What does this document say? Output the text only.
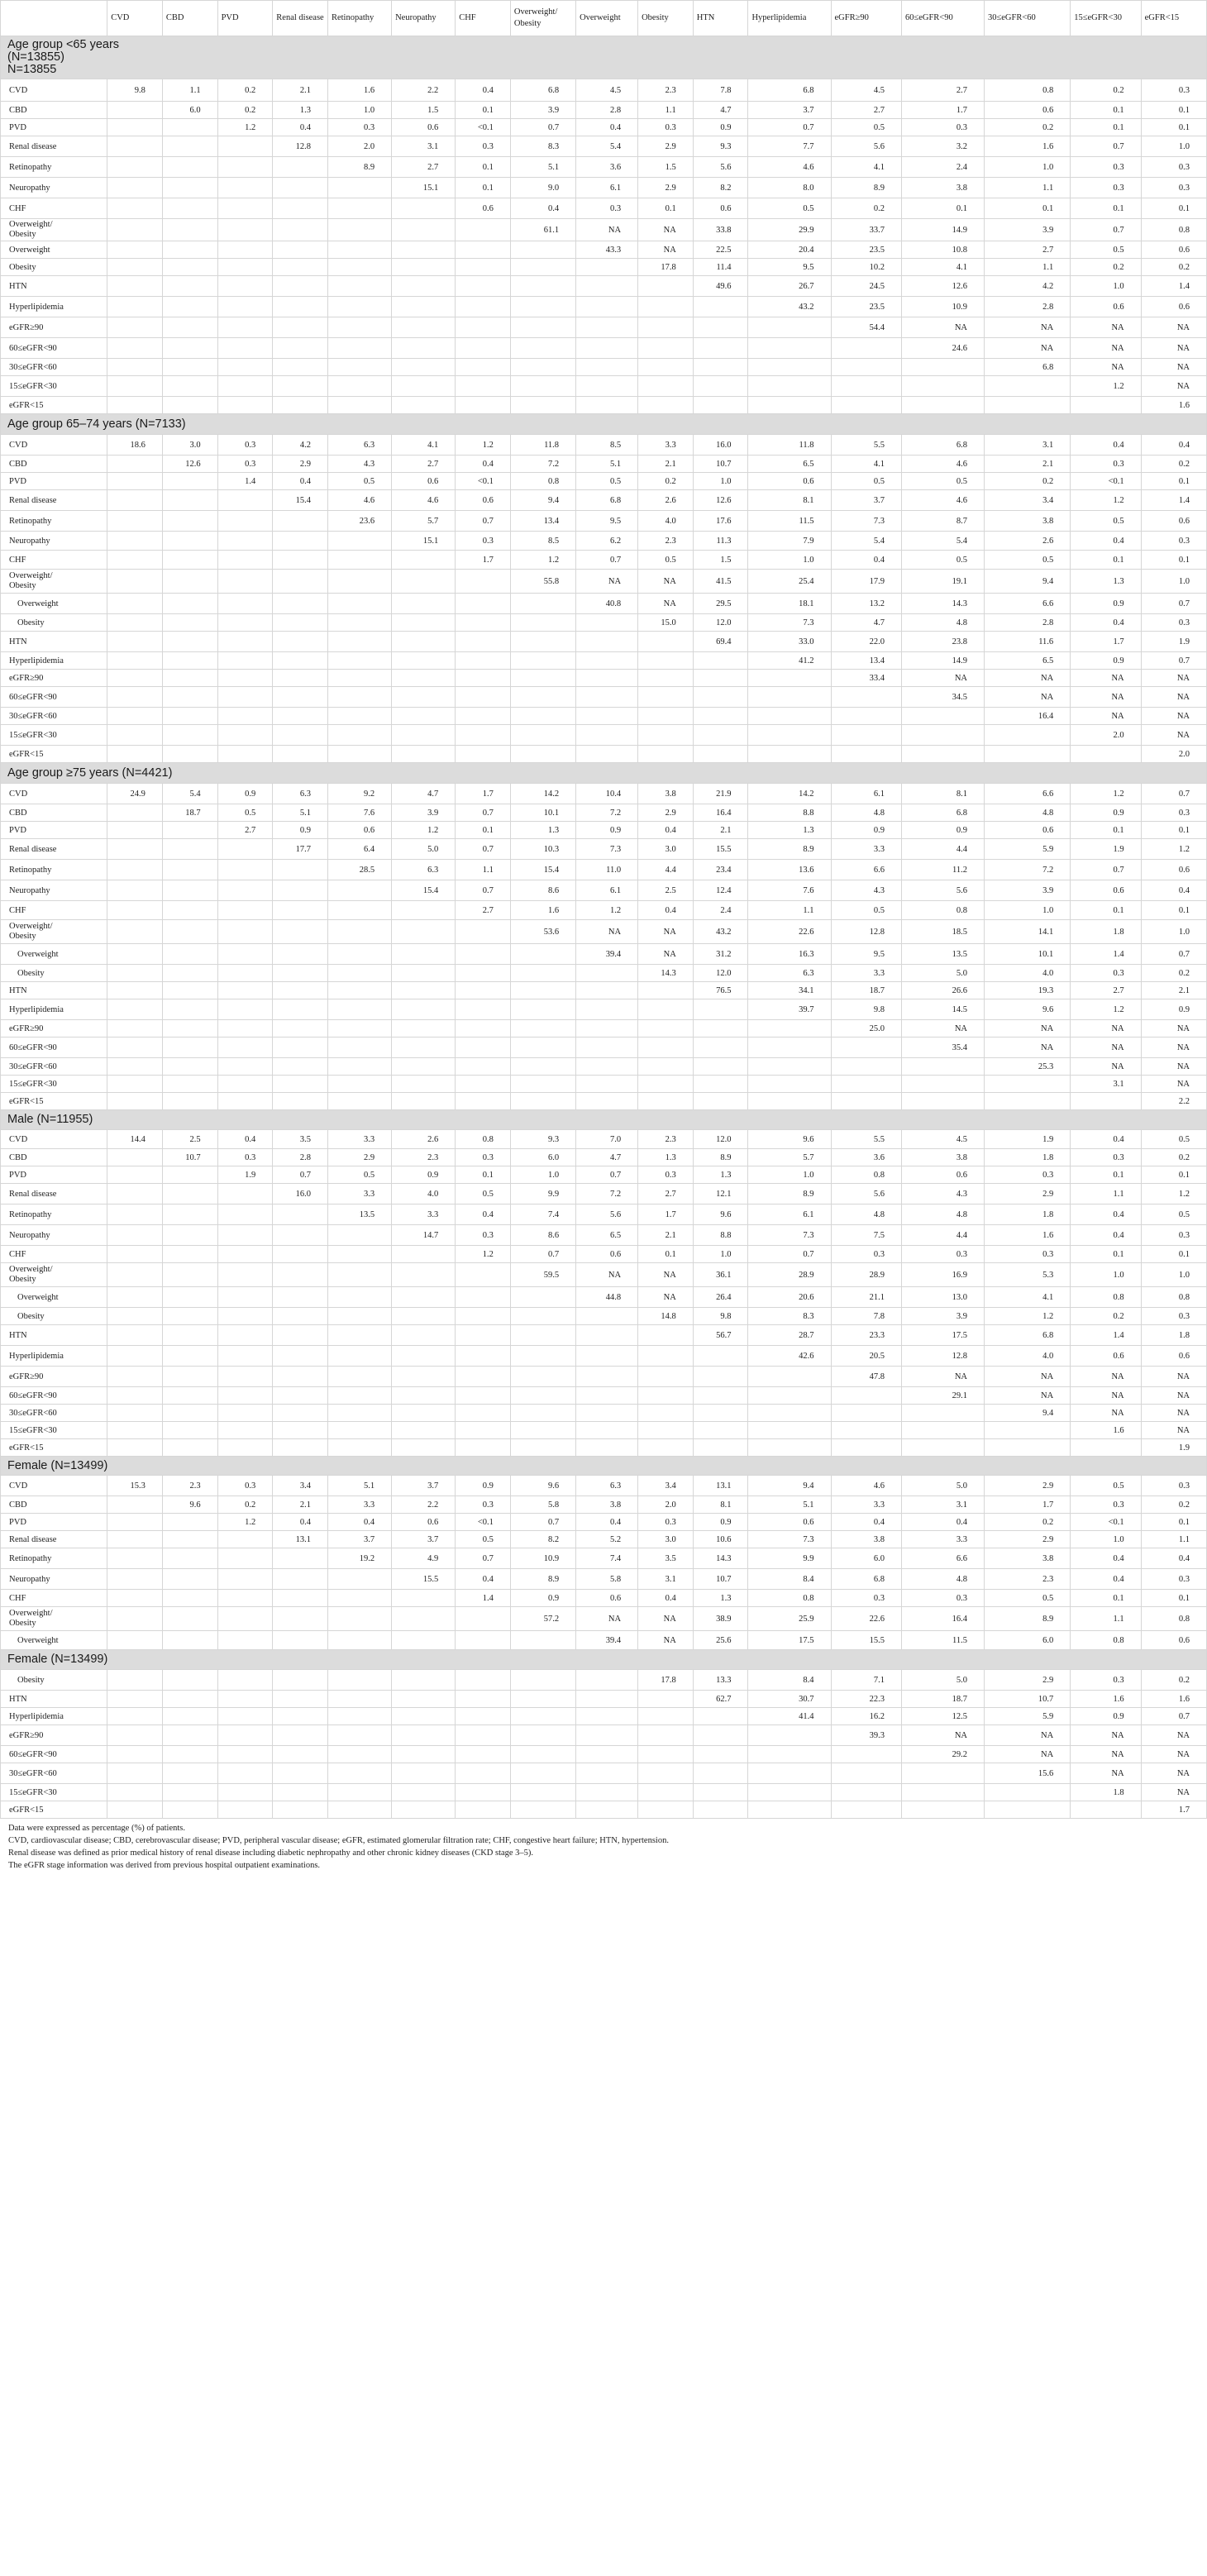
	CVD	CBD	PVD	Renal disease	Retinopathy	Neuropathy	CHF	Overweight/ Obesity	Overweight	Obesity	HTN	Hyperlipidemia	eGFR≥90	60≤eGFR<90	30≤eGFR<60	15≤eGFR<30	eGFR<15
Age group <65 years
(N=13855)
N=13855																	
CVD	9.8	1.1	0.2	2.1	1.6	2.2	0.4	6.8	4.5	2.3	7.8	6.8	4.5	2.7	0.8	0.2	0.3
CBD		6.0	0.2	1.3	1.0	1.5	0.1	3.9	2.8	1.1	4.7	3.7	2.7	1.7	0.6	0.1	0.1
PVD			1.2	0.4	0.3	0.6	<0.1	0.7	0.4	0.3	0.9	0.7	0.5	0.3	0.2	0.1	0.1
Renal disease				12.8	2.0	3.1	0.3	8.3	5.4	2.9	9.3	7.7	5.6	3.2	1.6	0.7	1.0
Retinopathy					8.9	2.7	0.1	5.1	3.6	1.5	5.6	4.6	4.1	2.4	1.0	0.3	0.3
Neuropathy						15.1	0.1	9.0	6.1	2.9	8.2	8.0	8.9	3.8	1.1	0.3	0.3
CHF							0.6	0.4	0.3	0.1	0.6	0.5	0.2	0.1	0.1	0.1	0.1
Overweight/
Obesity								61.1	NA	NA	33.8	29.9	33.7	14.9	3.9	0.7	0.8
Overweight									43.3	NA	22.5	20.4	23.5	10.8	2.7	0.5	0.6
Obesity										17.8	11.4	9.5	10.2	4.1	1.1	0.2	0.2
HTN											49.6	26.7	24.5	12.6	4.2	1.0	1.4
Hyperlipidemia												43.2	23.5	10.9	2.8	0.6	0.6
eGFR≥90													54.4	NA	NA	NA	NA
60≤eGFR<90														24.6	NA	NA	NA
30≤eGFR<60															6.8	NA	NA
15≤eGFR<30																1.2	NA
eGFR<15																	1.6
Age group 65–74 years (N=7133)																	
CVD	18.6	3.0	0.3	4.2	6.3	4.1	1.2	11.8	8.5	3.3	16.0	11.8	5.5	6.8	3.1	0.4	0.4
CBD		12.6	0.3	2.9	4.3	2.7	0.4	7.2	5.1	2.1	10.7	6.5	4.1	4.6	2.1	0.3	0.2
PVD			1.4	0.4	0.5	0.6	<0.1	0.8	0.5	0.2	1.0	0.6	0.5	0.5	0.2	<0.1	0.1
Renal disease				15.4	4.6	4.6	0.6	9.4	6.8	2.6	12.6	8.1	3.7	4.6	3.4	1.2	1.4
Retinopathy					23.6	5.7	0.7	13.4	9.5	4.0	17.6	11.5	7.3	8.7	3.8	0.5	0.6
Neuropathy						15.1	0.3	8.5	6.2	2.3	11.3	7.9	5.4	5.4	2.6	0.4	0.3
CHF							1.7	1.2	0.7	0.5	1.5	1.0	0.4	0.5	0.5	0.1	0.1
Overweight/
Obesity								55.8	NA	NA	41.5	25.4	17.9	19.1	9.4	1.3	1.0
Overweight									40.8	NA	29.5	18.1	13.2	14.3	6.6	0.9	0.7
Obesity										15.0	12.0	7.3	4.7	4.8	2.8	0.4	0.3
HTN											69.4	33.0	22.0	23.8	11.6	1.7	1.9
Hyperlipidemia												41.2	13.4	14.9	6.5	0.9	0.7
eGFR≥90													33.4	NA	NA	NA	NA
60≤eGFR<90														34.5	NA	NA	NA
30≤eGFR<60															16.4	NA	NA
15≤eGFR<30																2.0	NA
eGFR<15																	2.0
Age group ≥75 years (N=4421)																	
CVD	24.9	5.4	0.9	6.3	9.2	4.7	1.7	14.2	10.4	3.8	21.9	14.2	6.1	8.1	6.6	1.2	0.7
CBD		18.7	0.5	5.1	7.6	3.9	0.7	10.1	7.2	2.9	16.4	8.8	4.8	6.8	4.8	0.9	0.3
PVD			2.7	0.9	0.6	1.2	0.1	1.3	0.9	0.4	2.1	1.3	0.9	0.9	0.6	0.1	0.1
Renal disease				17.7	6.4	5.0	0.7	10.3	7.3	3.0	15.5	8.9	3.3	4.4	5.9	1.9	1.2
Retinopathy					28.5	6.3	1.1	15.4	11.0	4.4	23.4	13.6	6.6	11.2	7.2	0.7	0.6
Neuropathy						15.4	0.7	8.6	6.1	2.5	12.4	7.6	4.3	5.6	3.9	0.6	0.4
CHF							2.7	1.6	1.2	0.4	2.4	1.1	0.5	0.8	1.0	0.1	0.1
Overweight/
Obesity								53.6	NA	NA	43.2	22.6	12.8	18.5	14.1	1.8	1.0
Overweight									39.4	NA	31.2	16.3	9.5	13.5	10.1	1.4	0.7
Obesity										14.3	12.0	6.3	3.3	5.0	4.0	0.3	0.2
HTN											76.5	34.1	18.7	26.6	19.3	2.7	2.1
Hyperlipidemia												39.7	9.8	14.5	9.6	1.2	0.9
eGFR≥90													25.0	NA	NA	NA	NA
60≤eGFR<90														35.4	NA	NA	NA
30≤eGFR<60															25.3	NA	NA
15≤eGFR<30																3.1	NA
eGFR<15																	2.2
Male (N=11955)																	
CVD	14.4	2.5	0.4	3.5	3.3	2.6	0.8	9.3	7.0	2.3	12.0	9.6	5.5	4.5	1.9	0.4	0.5
CBD		10.7	0.3	2.8	2.9	2.3	0.3	6.0	4.7	1.3	8.9	5.7	3.6	3.8	1.8	0.3	0.2
PVD			1.9	0.7	0.5	0.9	0.1	1.0	0.7	0.3	1.3	1.0	0.8	0.6	0.3	0.1	0.1
Renal disease				16.0	3.3	4.0	0.5	9.9	7.2	2.7	12.1	8.9	5.6	4.3	2.9	1.1	1.2
Retinopathy					13.5	3.3	0.4	7.4	5.6	1.7	9.6	6.1	4.8	4.8	1.8	0.4	0.5
Neuropathy						14.7	0.3	8.6	6.5	2.1	8.8	7.3	7.5	4.4	1.6	0.4	0.3
CHF							1.2	0.7	0.6	0.1	1.0	0.7	0.3	0.3	0.3	0.1	0.1
Overweight/
Obesity								59.5	NA	NA	36.1	28.9	28.9	16.9	5.3	1.0	1.0
Overweight									44.8	NA	26.4	20.6	21.1	13.0	4.1	0.8	0.8
Obesity										14.8	9.8	8.3	7.8	3.9	1.2	0.2	0.3
HTN											56.7	28.7	23.3	17.5	6.8	1.4	1.8
Hyperlipidemia												42.6	20.5	12.8	4.0	0.6	0.6
eGFR≥90													47.8	NA	NA	NA	NA
60≤eGFR<90														29.1	NA	NA	NA
30≤eGFR<60															9.4	NA	NA
15≤eGFR<30																1.6	NA
eGFR<15																	1.9
Female (N=13499)																	
CVD	15.3	2.3	0.3	3.4	5.1	3.7	0.9	9.6	6.3	3.4	13.1	9.4	4.6	5.0	2.9	0.5	0.3
CBD		9.6	0.2	2.1	3.3	2.2	0.3	5.8	3.8	2.0	8.1	5.1	3.3	3.1	1.7	0.3	0.2
PVD			1.2	0.4	0.4	0.6	<0.1	0.7	0.4	0.3	0.9	0.6	0.4	0.4	0.2	<0.1	0.1
Renal disease				13.1	3.7	3.7	0.5	8.2	5.2	3.0	10.6	7.3	3.8	3.3	2.9	1.0	1.1
Retinopathy					19.2	4.9	0.7	10.9	7.4	3.5	14.3	9.9	6.0	6.6	3.8	0.4	0.4
Neuropathy						15.5	0.4	8.9	5.8	3.1	10.7	8.4	6.8	4.8	2.3	0.4	0.3
CHF							1.4	0.9	0.6	0.4	1.3	0.8	0.3	0.3	0.5	0.1	0.1
Overweight/
Obesity								57.2	NA	NA	38.9	25.9	22.6	16.4	8.9	1.1	0.8
Overweight									39.4	NA	25.6	17.5	15.5	11.5	6.0	0.8	0.6
Female (N=13499)																	
Obesity										17.8	13.3	8.4	7.1	5.0	2.9	0.3	0.2
HTN											62.7	30.7	22.3	18.7	10.7	1.6	1.6
Hyperlipidemia												41.4	16.2	12.5	5.9	0.9	0.7
eGFR≥90													39.3	NA	NA	NA	NA
60≤eGFR<90														29.2	NA	NA	NA
30≤eGFR<60															15.6	NA	NA
15≤eGFR<30																1.8	NA
eGFR<15																	1.7
Data were expressed as percentage (%) of patients.
CVD, cardiovascular disease; CBD, cerebrovascular disease; PVD, peripheral vascular disease; eGFR, estimated glomerular filtration rate; CHF, congestive heart failure; HTN, hypertension.
Renal disease was defined as prior medical history of renal disease including diabetic nephropathy and other chronic kidney diseases (CKD stage 3–5).
The eGFR stage information was derived from previous hospital outpatient examinations.
